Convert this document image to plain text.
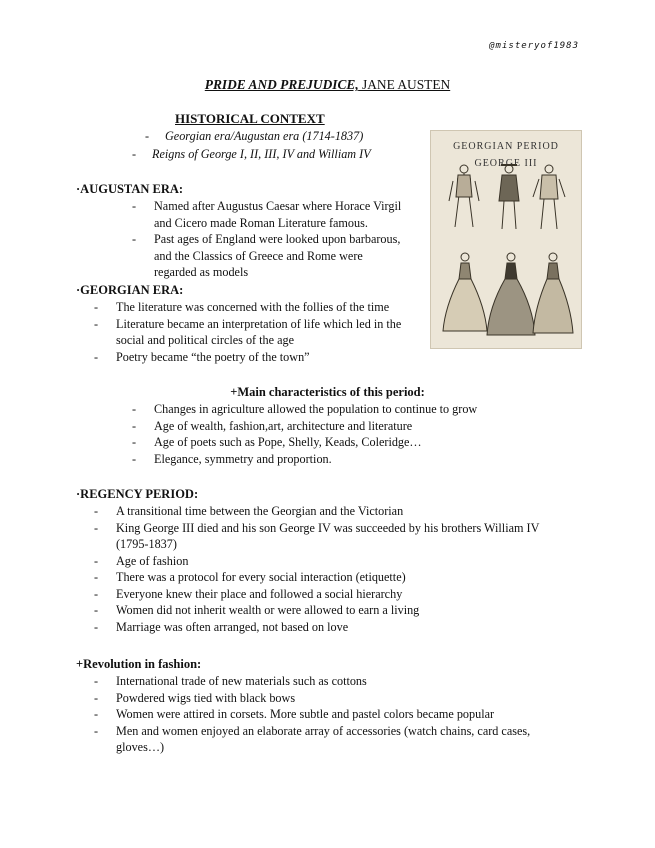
@misteryof1983
PRIDE AND PREJUDICE, JANE AUSTEN
HISTORICAL CONTEXT
- Georgian era/Augustan era (1714-1837)
- Reigns of George I, II, III, IV and William IV
·AUGUSTAN ERA:
- Named after Augustus Caesar where Horace Virgil
and Cicero made Roman Literature famous.
- Past ages of England were looked upon barbarous,
and the Classics of Greece and Rome were
regarded as models
·GEORGIAN ERA:
- The literature was concerned with the follies of the time
- Literature became an interpretation of life which led in the
social and political circles of the age
- Poetry became “the poetry of the town”
+Main characteristics of this period:
- Changes in agriculture allowed the population to continue to grow
- Age of wealth, fashion,art, architecture and literature
- Age of poets such as Pope, Shelly, Keads, Coleridge…
- Elegance, symmetry and proportion.
·REGENCY PERIOD:
- A transitional time between the Georgian and the Victorian
- King George III died and his son George IV was succeeded by his brothers William IV
(1795-1837)
- Age of fashion
- There was a protocol for every social interaction (etiquette)
- Everyone knew their place and followed a social hierarchy
- Women did not inherit wealth or were allowed to earn a living
- Marriage was often arranged, not based on love
+Revolution in fashion:
- International trade of new materials such as cottons
- Powdered wigs tied with black bows
- Women were attired in corsets. More subtle and pastel colors became popular
- Men and women enjoyed an elaborate array of accessories (watch chains, card cases,
gloves…)
GEORGIAN PERIOD GEORGE III
